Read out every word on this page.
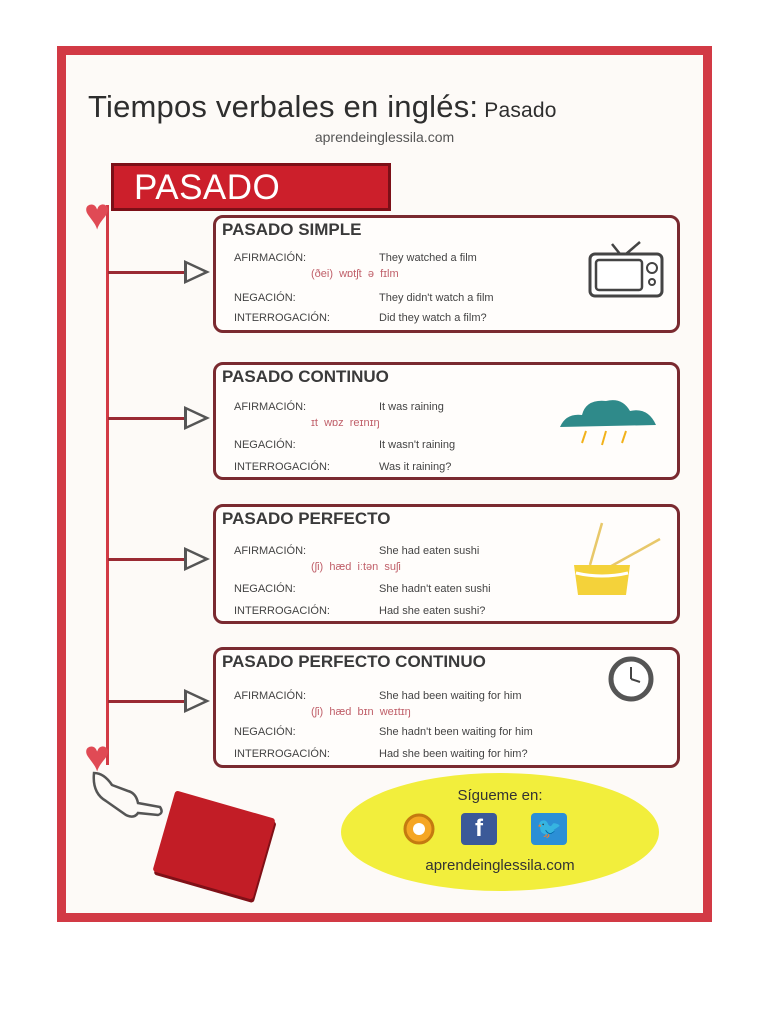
Tiempos verbales en inglés: Pasado
aprendeinglessila.com
PASADO
♥
♥
PASADO SIMPLE
AFIRMACIÓN:	They watched a film
(ðei)  wɒtʃt  ə  fɪlm
NEGACIÓN:	They didn't watch a film
INTERROGACIÓN:	Did they watch a film?
PASADO CONTINUO
AFIRMACIÓN:	It was raining
ɪt  wɒz  reɪnɪŋ
NEGACIÓN:	It wasn't raining
INTERROGACIÓN:	Was it raining?
PASADO PERFECTO
AFIRMACIÓN:	She had eaten sushi
(ʃi)  hæd  iːtən  suʃi
NEGACIÓN:	She hadn't eaten sushi
INTERROGACIÓN:	Had she eaten sushi?
PASADO PERFECTO CONTINUO
AFIRMACIÓN:	She had been waiting for him
(ʃi)  hæd  bɪn  weɪtɪŋ
NEGACIÓN:	She hadn't been waiting for him
INTERROGACIÓN:	Had she been waiting for him?

Sígueme en:
f	🐦
aprendeinglessila.com
